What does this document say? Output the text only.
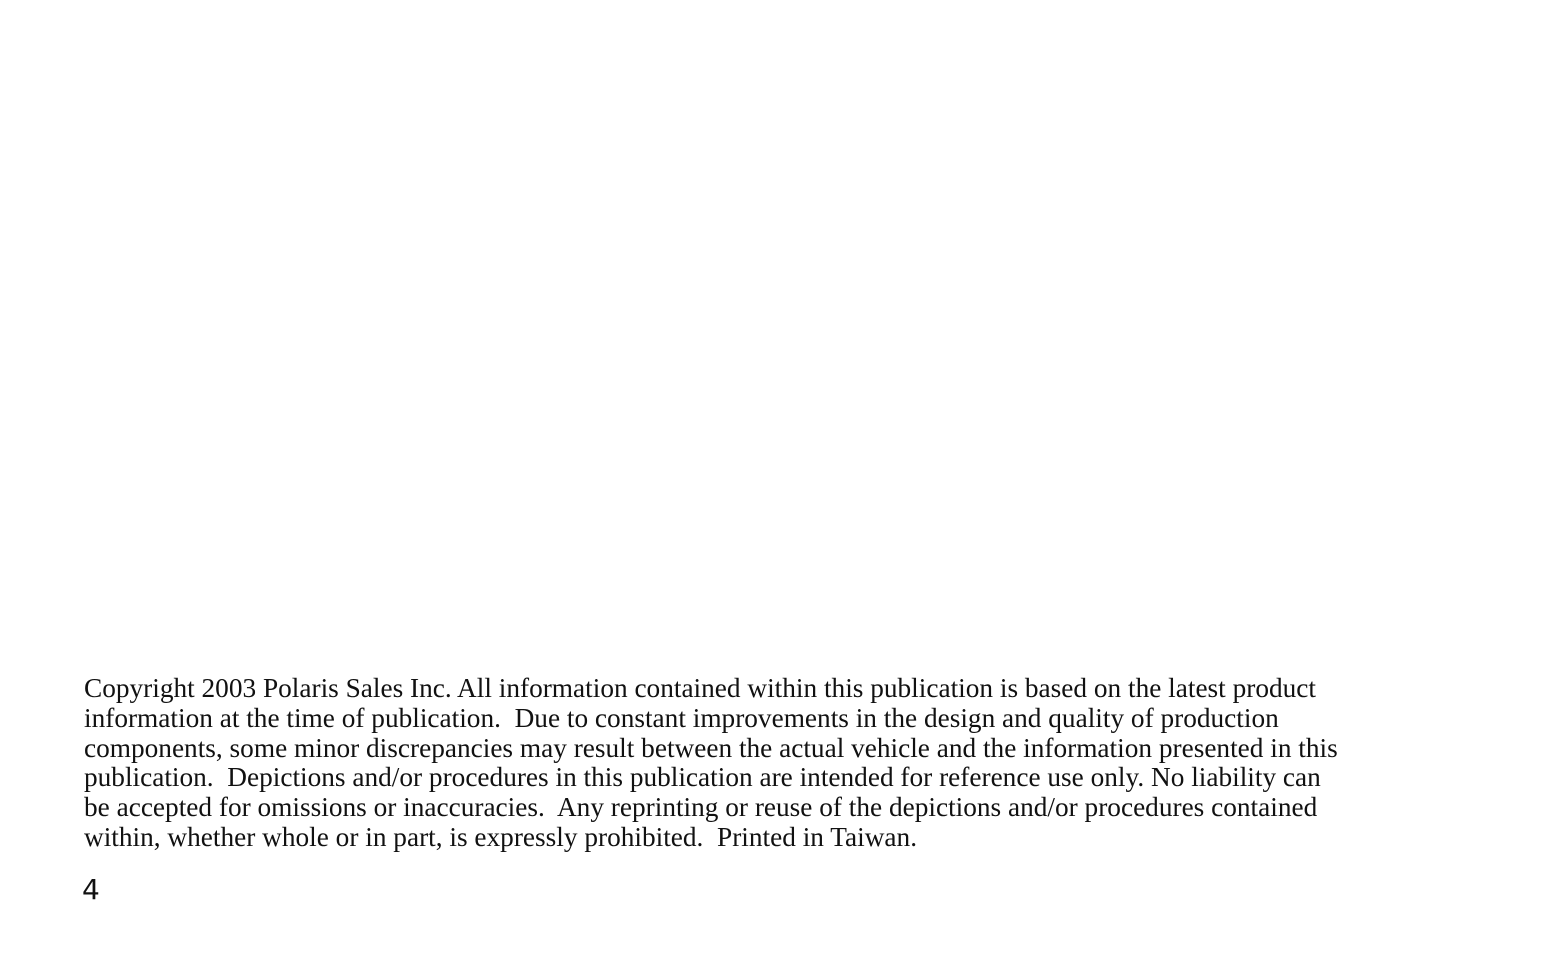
Copyright 2003 Polaris Sales Inc. All information contained within this publication is based on the latest product
information at the time of publication.  Due to constant improvements in the design and quality of production
components, some minor discrepancies may result between the actual vehicle and the information presented in this
publication.  Depictions and/or procedures in this publication are intended for reference use only. No liability can
be accepted for omissions or inaccuracies.  Any reprinting or reuse of the depictions and/or procedures contained
within, whether whole or in part, is expressly prohibited.  Printed in Taiwan.

4
